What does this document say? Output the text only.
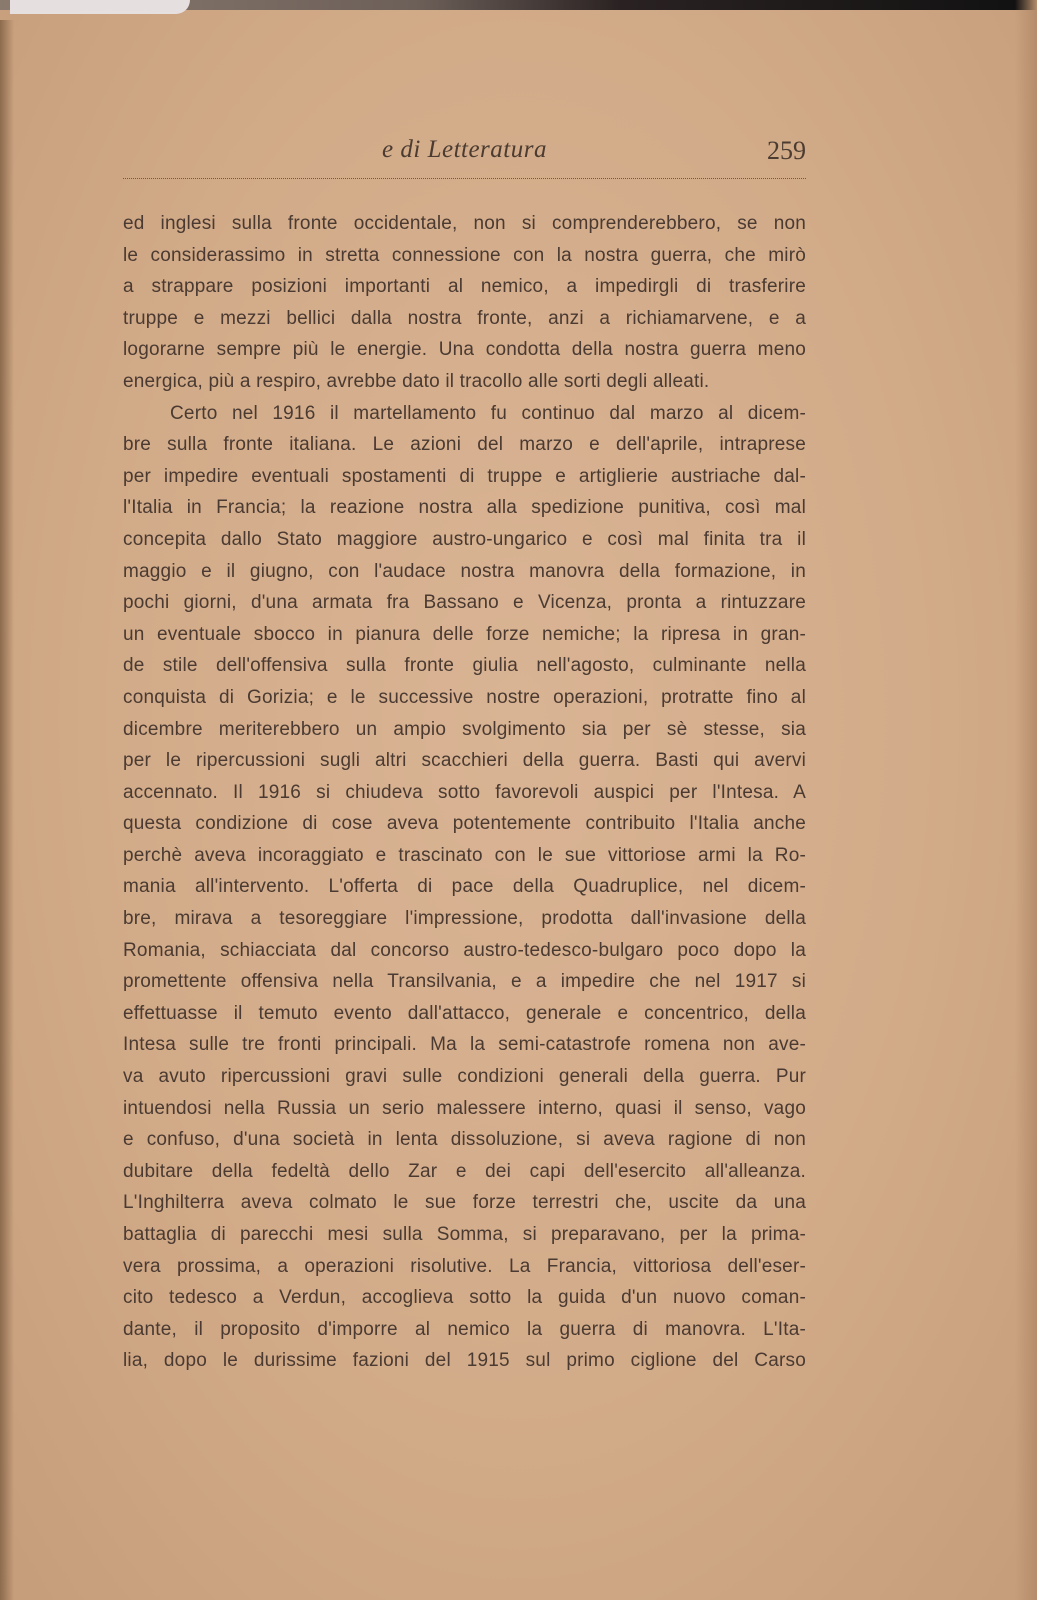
e di Letteratura	259
ed inglesi sulla fronte occidentale, non si comprenderebbero, se non
le considerassimo in stretta connessione con la nostra guerra, che mirò
a strappare posizioni importanti al nemico, a impedirgli di trasferire
truppe e mezzi bellici dalla nostra fronte, anzi a richiamarvene, e a
logorarne sempre più le energie. Una condotta della nostra guerra meno
energica, più a respiro, avrebbe dato il tracollo alle sorti degli alleati.
Certo nel 1916 il martellamento fu continuo dal marzo al dicem-
bre sulla fronte italiana. Le azioni del marzo e dell'aprile, intraprese
per impedire eventuali spostamenti di truppe e artiglierie austriache dal-
l'Italia in Francia; la reazione nostra alla spedizione punitiva, così mal
concepita dallo Stato maggiore austro-ungarico e così mal finita tra il
maggio e il giugno, con l'audace nostra manovra della formazione, in
pochi giorni, d'una armata fra Bassano e Vicenza, pronta a rintuzzare
un eventuale sbocco in pianura delle forze nemiche; la ripresa in gran-
de stile dell'offensiva sulla fronte giulia nell'agosto, culminante nella
conquista di Gorizia; e le successive nostre operazioni, protratte fino al
dicembre meriterebbero un ampio svolgimento sia per sè stesse, sia
per le ripercussioni sugli altri scacchieri della guerra. Basti qui avervi
accennato. Il 1916 si chiudeva sotto favorevoli auspici per l'Intesa. A
questa condizione di cose aveva potentemente contribuito l'Italia anche
perchè aveva incoraggiato e trascinato con le sue vittoriose armi la Ro-
mania all'intervento. L'offerta di pace della Quadruplice, nel dicem-
bre, mirava a tesoreggiare l'impressione, prodotta dall'invasione della
Romania, schiacciata dal concorso austro-tedesco-bulgaro poco dopo la
promettente offensiva nella Transilvania, e a impedire che nel 1917 si
effettuasse il temuto evento dall'attacco, generale e concentrico, della
Intesa sulle tre fronti principali. Ma la semi-catastrofe romena non ave-
va avuto ripercussioni gravi sulle condizioni generali della guerra. Pur
intuendosi nella Russia un serio malessere interno, quasi il senso, vago
e confuso, d'una società in lenta dissoluzione, si aveva ragione di non
dubitare della fedeltà dello Zar e dei capi dell'esercito all'alleanza.
L'Inghilterra aveva colmato le sue forze terrestri che, uscite da una
battaglia di parecchi mesi sulla Somma, si preparavano, per la prima-
vera prossima, a operazioni risolutive. La Francia, vittoriosa dell'eser-
cito tedesco a Verdun, accoglieva sotto la guida d'un nuovo coman-
dante, il proposito d'imporre al nemico la guerra di manovra. L'Ita-
lia, dopo le durissime fazioni del 1915 sul primo ciglione del Carso
